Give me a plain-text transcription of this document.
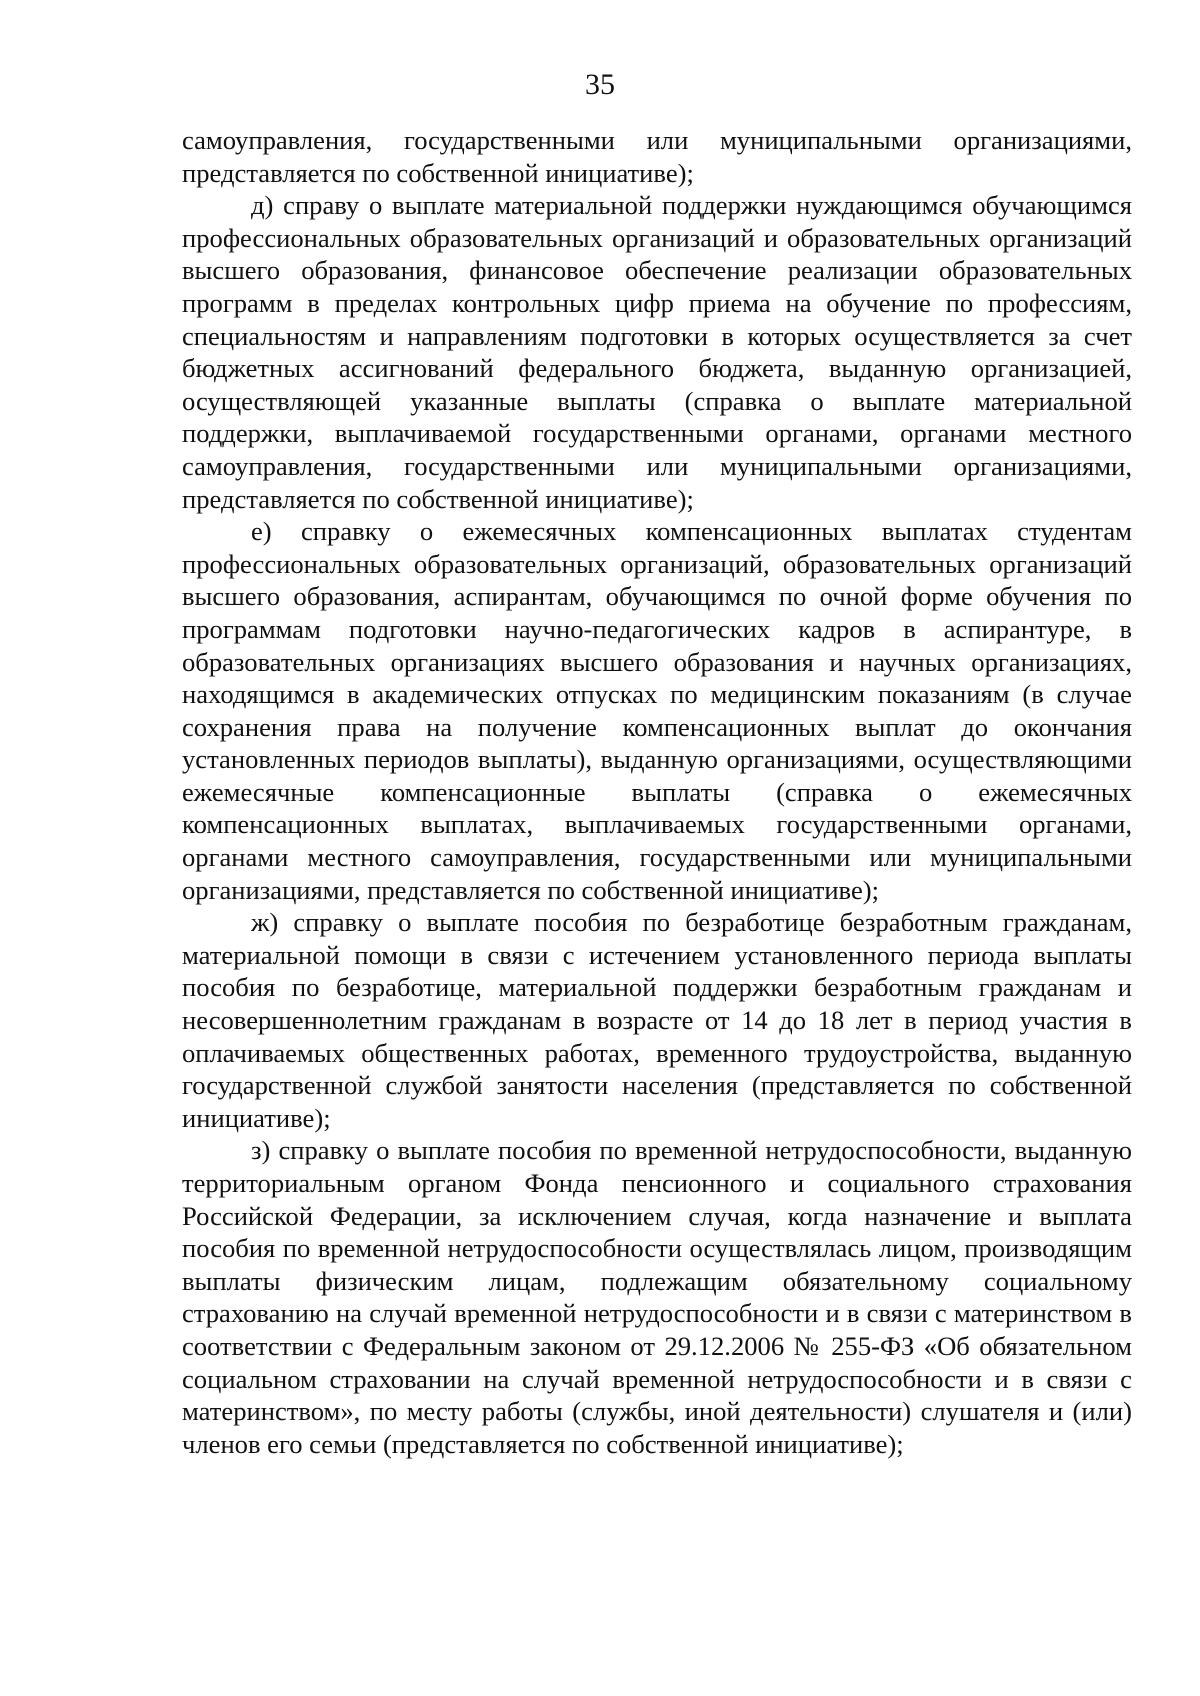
35

самоуправления, государственными или муниципальными организациями, представляется по собственной инициативе);

д) справу о выплате материальной поддержки нуждающимся обучающимся профессиональных образовательных организаций и образовательных организаций высшего образования, финансовое обеспечение реализации образовательных программ в пределах контрольных цифр приема на обучение по профессиям, специальностям и направлениям подготовки в которых осуществляется за счет бюджетных ассигнований федерального бюджета, выданную организацией, осуществляющей указанные выплаты (справка о выплате материальной поддержки, выплачиваемой государственными органами, органами местного самоуправления, государственными или муниципальными организациями, представляется по собственной инициативе);

е) справку о ежемесячных компенсационных выплатах студентам профессиональных образовательных организаций, образовательных организаций высшего образования, аспирантам, обучающимся по очной форме обучения по программам подготовки научно-педагогических кадров в аспирантуре, в образовательных организациях высшего образования и научных организациях, находящимся в академических отпусках по медицинским показаниям (в случае сохранения права на получение компенсационных выплат до окончания установленных периодов выплаты), выданную организациями, осуществляющими ежемесячные компенсационные выплаты (справка о ежемесячных компенсационных выплатах, выплачиваемых государственными органами, органами местного самоуправления, государственными или муниципальными организациями, представляется по собственной инициативе);

ж) справку о выплате пособия по безработице безработным гражданам, материальной помощи в связи с истечением установленного периода выплаты пособия по безработице, материальной поддержки безработным гражданам и несовершеннолетним гражданам в возрасте от 14 до 18 лет в период участия в оплачиваемых общественных работах, временного трудоустройства, выданную государственной службой занятости населения (представляется по собственной инициативе);

з) справку о выплате пособия по временной нетрудоспособности, выданную территориальным органом Фонда пенсионного и социального страхования Российской Федерации, за исключением случая, когда назначение и выплата пособия по временной нетрудоспособности осуществлялась лицом, производящим выплаты физическим лицам, подлежащим обязательному социальному страхованию на случай временной нетрудоспособности и в связи с материнством в соответствии с Федеральным законом от 29.12.2006 № 255-ФЗ «Об обязательном социальном страховании на случай временной нетрудоспособности и в связи с материнством», по месту работы (службы, иной деятельности) слушателя и (или) членов его семьи (представляется по собственной инициативе);
